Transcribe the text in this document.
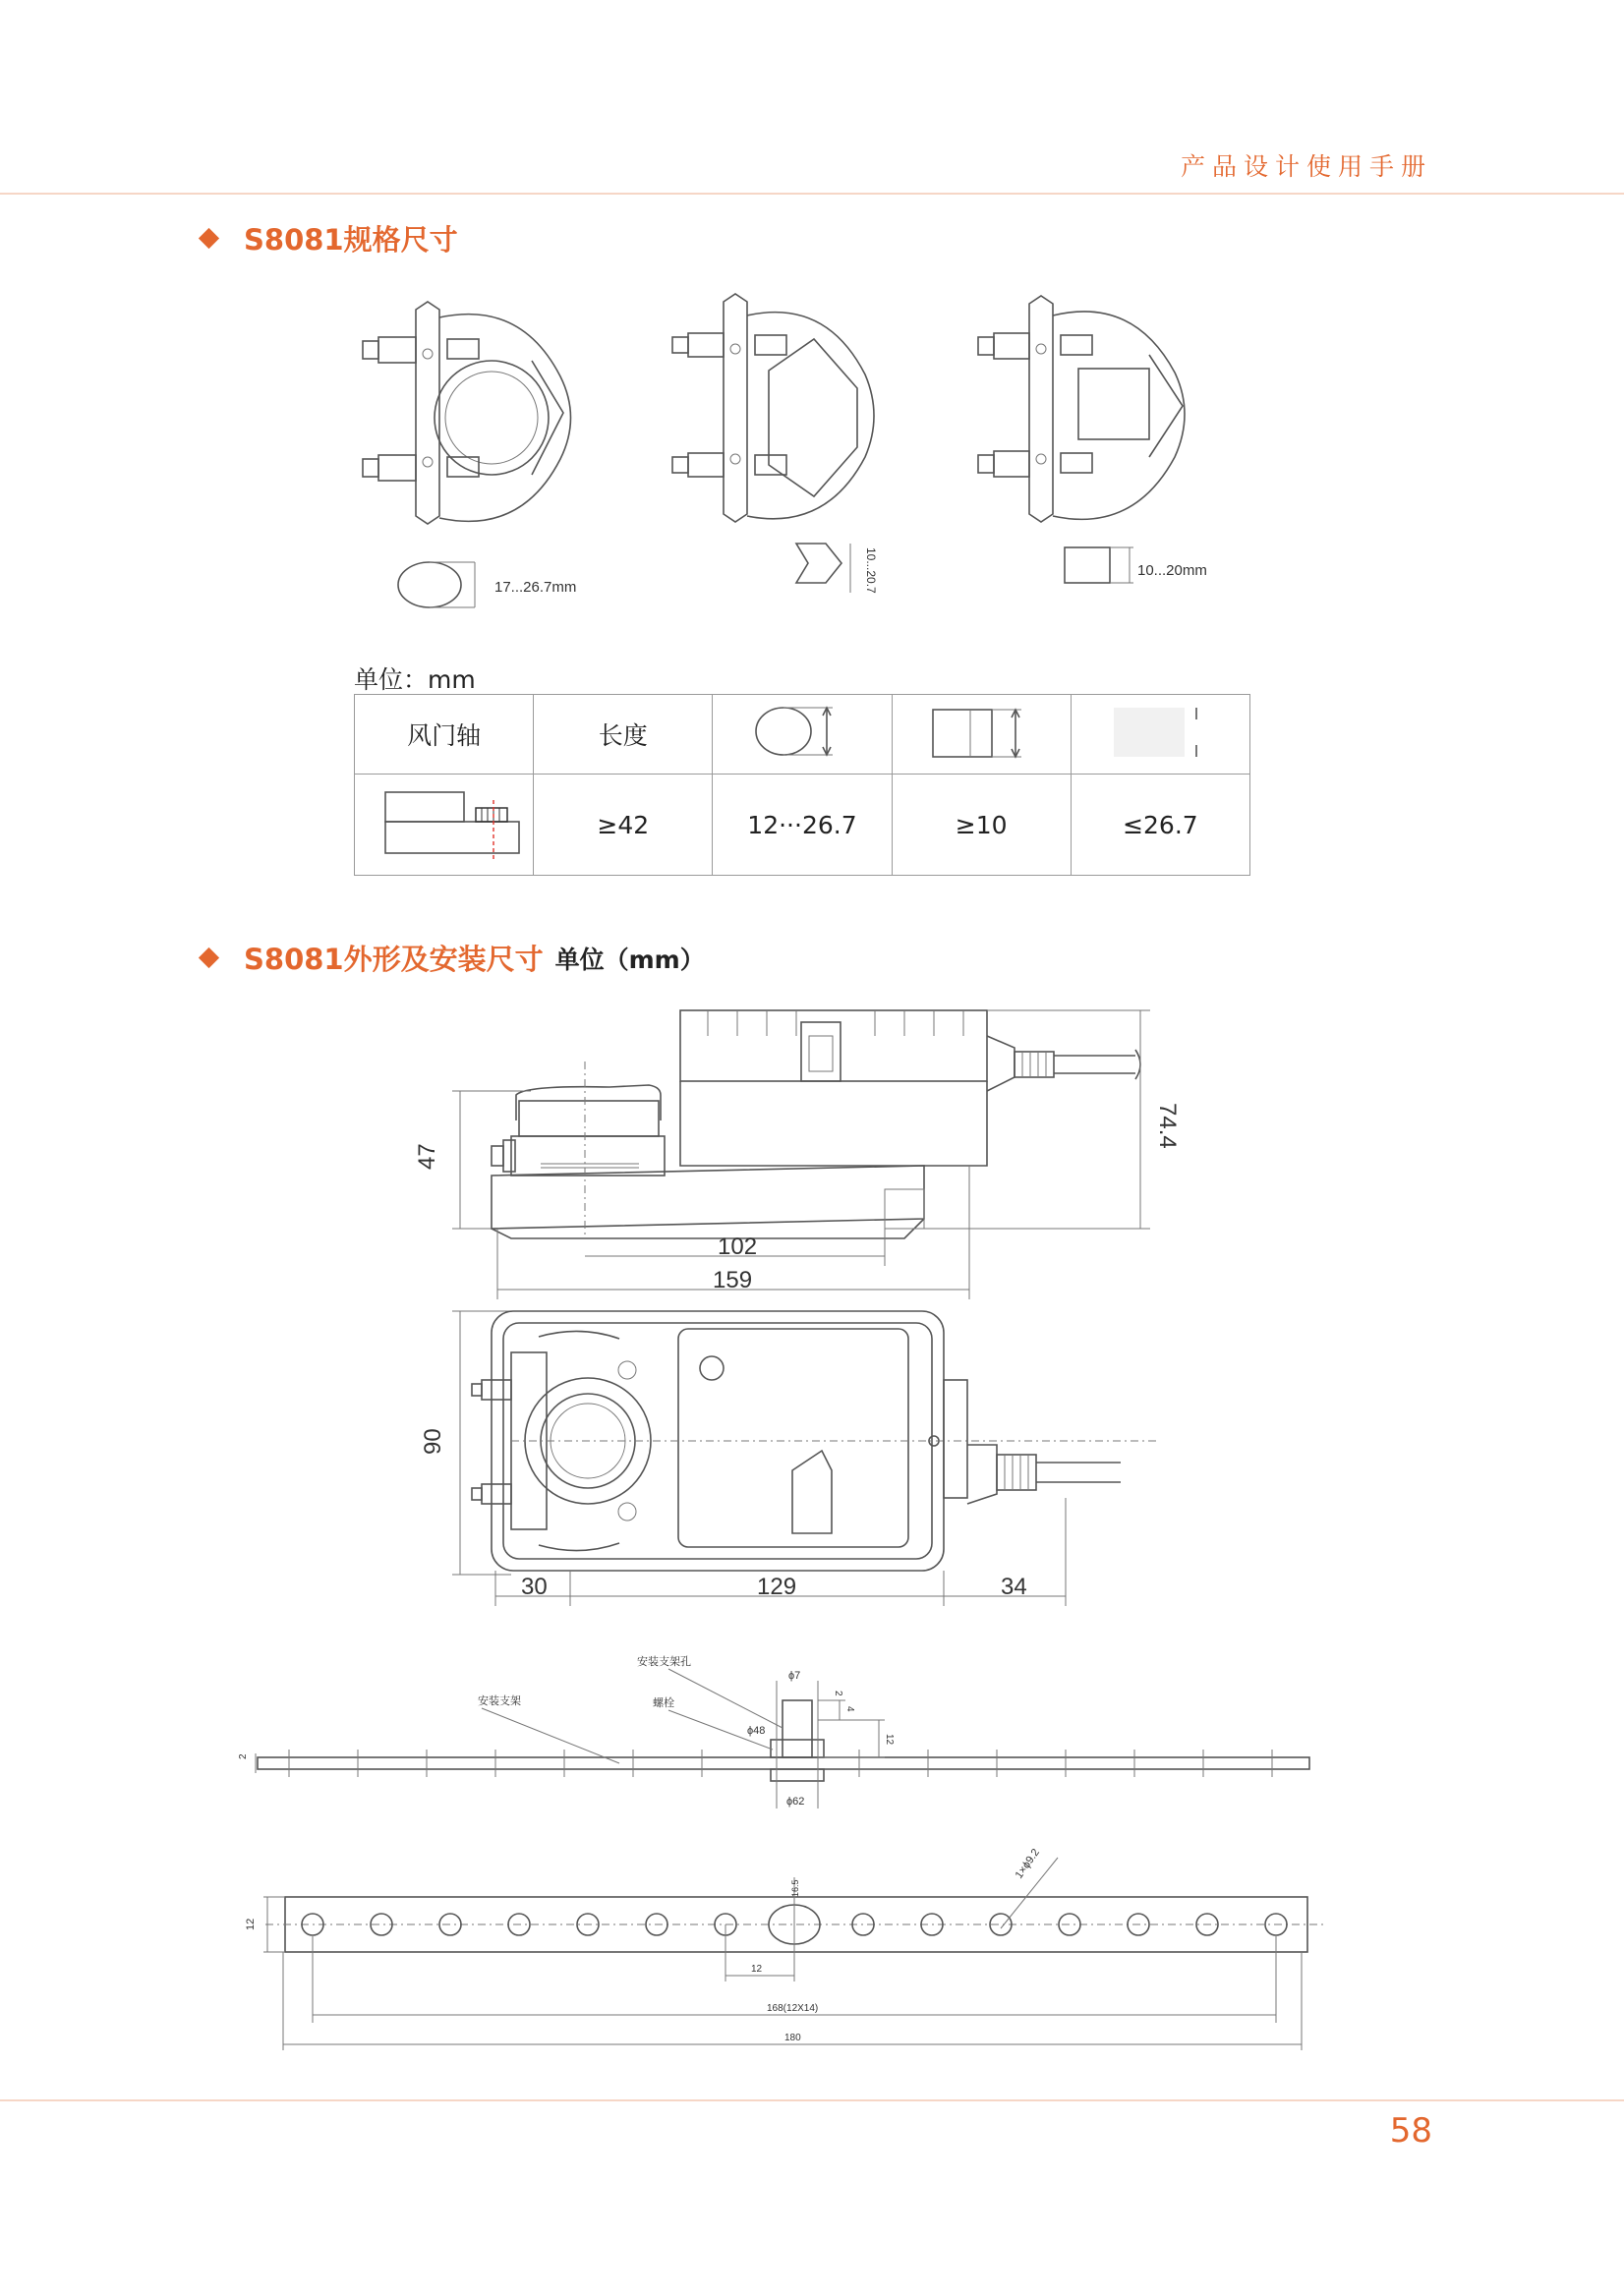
产品设计使用手册
S8081规格尺寸
17...26.7mm	10...20.7	10...20mm
单位：mm
风门轴	长度			
	≥42	12···26.7	≥10	≤26.7
S8081外形及安装尺寸 单位（mm）
47
74.4
102
159
90
30	129	34
安装支架
安装支架孔
螺栓
ϕ7
ϕ48
ϕ62
2
4
12
2
12
1×ϕ9.2
12
16.5
168(12X14)
180
58
